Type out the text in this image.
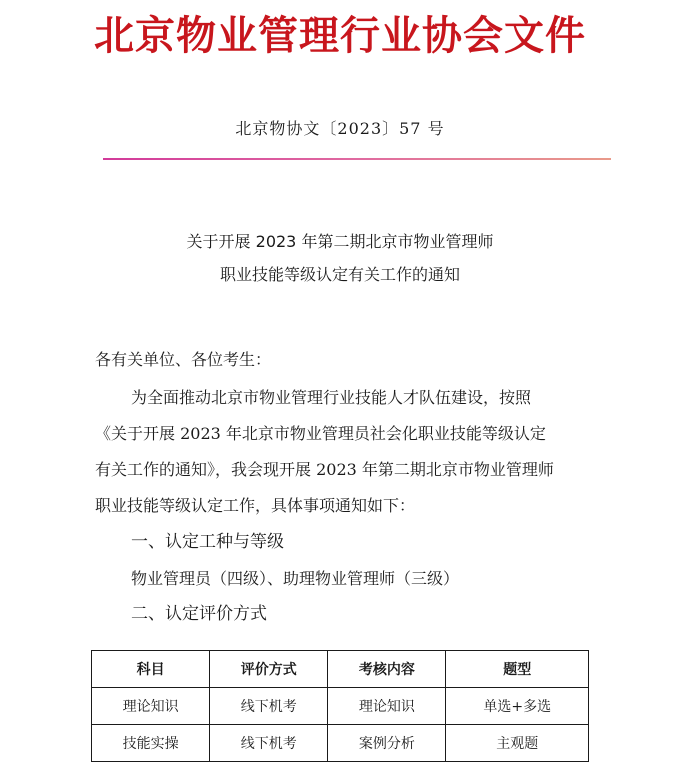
北京物业管理行业协会文件
北京物协文〔2023〕57 号
关于开展 2023 年第二期北京市物业管理师
职业技能等级认定有关工作的通知
各有关单位、各位考生：
为全面推动北京市物业管理行业技能人才队伍建设，按照
《关于开展 2023 年北京市物业管理员社会化职业技能等级认定
有关工作的通知》，我会现开展 2023 年第二期北京市物业管理师
职业技能等级认定工作，具体事项通知如下：
一、认定工种与等级
物业管理员（四级）、助理物业管理师（三级）
二、认定评价方式
科目	评价方式	考核内容	题型
理论知识	线下机考	理论知识	单选+多选
技能实操	线下机考	案例分析	主观题
